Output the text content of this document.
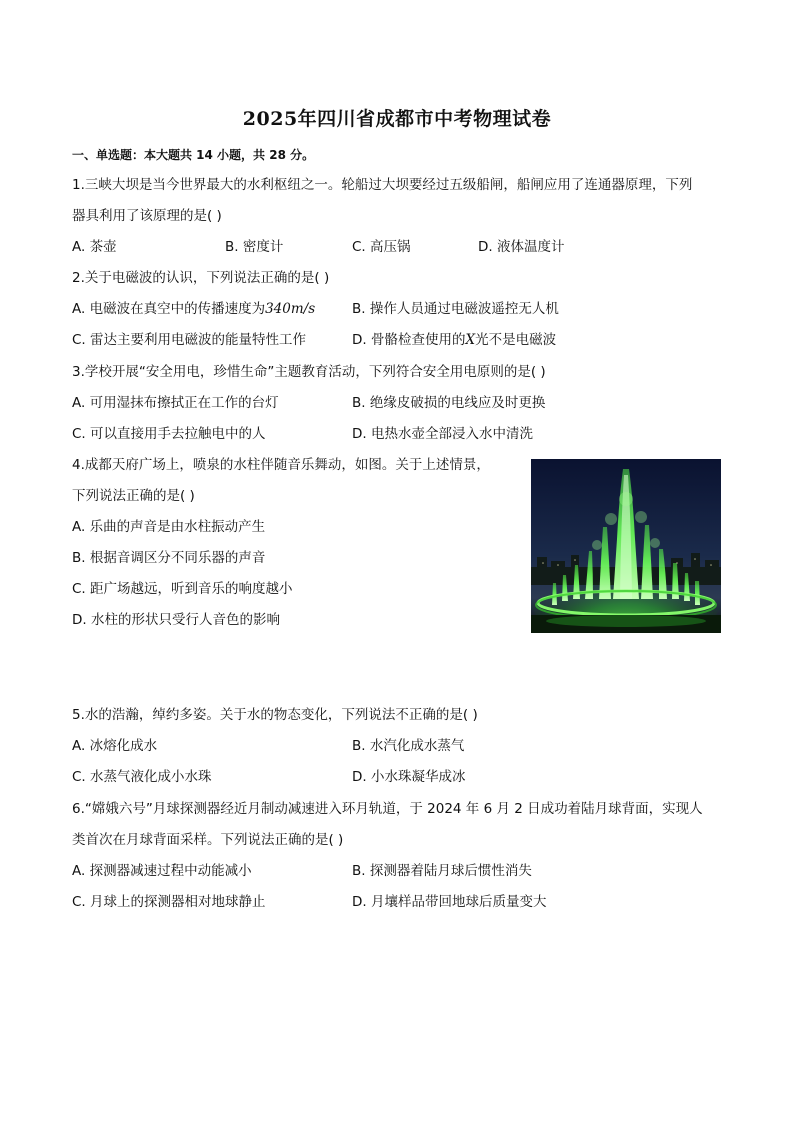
2025年四川省成都市中考物理试卷
一、单选题：本大题共 14 小题，共 28 分。
1.三峡大坝是当今世界最大的水利枢纽之一。轮船过大坝要经过五级船闸，船闸应用了连通器原理，下列
器具利用了该原理的是( )
A. 茶壶	B. 密度计	C. 高压锅	D. 液体温度计
2.关于电磁波的认识，下列说法正确的是( )
A. 电磁波在真空中的传播速度为340m/s	B. 操作人员通过电磁波遥控无人机
C. 雷达主要利用电磁波的能量特性工作	D. 骨骼检查使用的X光不是电磁波
3.学校开展“安全用电，珍惜生命”主题教育活动，下列符合安全用电原则的是( )
A. 可用湿抹布擦拭正在工作的台灯	B. 绝缘皮破损的电线应及时更换
C. 可以直接用手去拉触电中的人	D. 电热水壶全部浸入水中清洗
4.成都天府广场上，喷泉的水柱伴随音乐舞动，如图。关于上述情景，
下列说法正确的是( )
A. 乐曲的声音是由水柱振动产生
B. 根据音调区分不同乐器的声音
C. 距广场越远，听到音乐的响度越小
D. 水柱的形状只受行人音色的影响
5.水的浩瀚，绰约多姿。关于水的物态变化，下列说法不正确的是( )
A. 冰熔化成水	B. 水汽化成水蒸气
C. 水蒸气液化成小水珠	D. 小水珠凝华成冰
6.“嫦娥六号”月球探测器经近月制动减速进入环月轨道，于 2024 年 6 月 2 日成功着陆月球背面，实现人
类首次在月球背面采样。下列说法正确的是( )
A. 探测器减速过程中动能减小	B. 探测器着陆月球后惯性消失
C. 月球上的探测器相对地球静止	D. 月壤样品带回地球后质量变大
